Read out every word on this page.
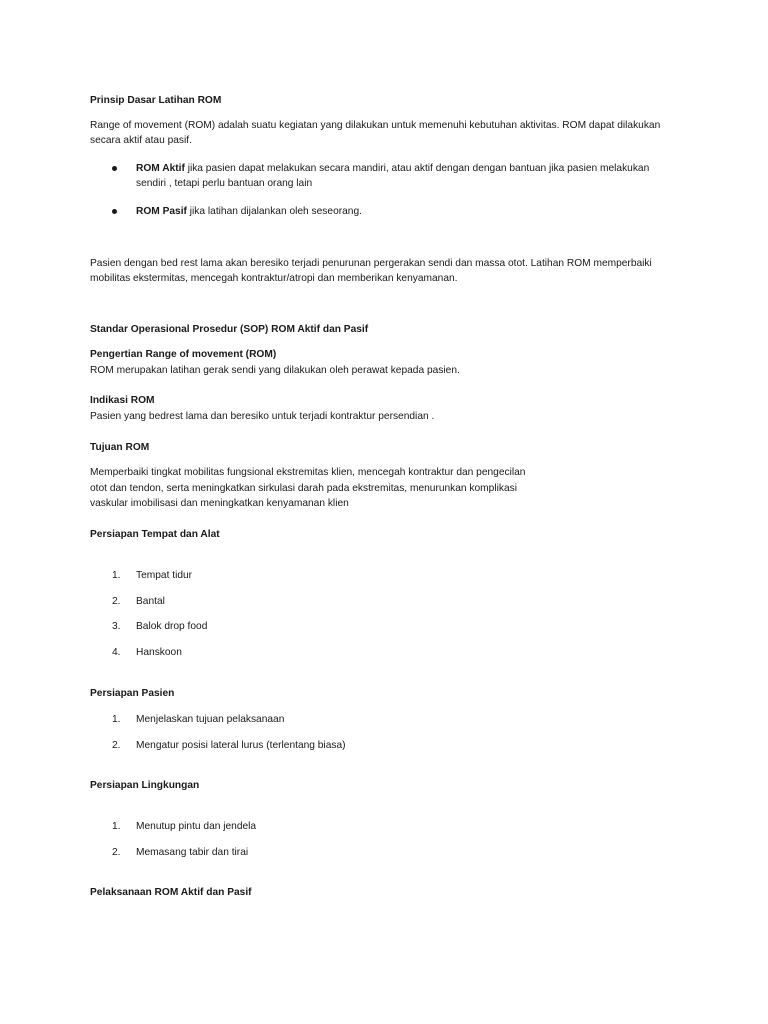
Prinsip Dasar Latihan ROM

Range of movement (ROM) adalah suatu kegiatan yang dilakukan untuk memenuhi kebutuhan aktivitas. ROM dapat dilakukan secara aktif atau pasif.

ROM Aktif jika pasien dapat melakukan secara mandiri, atau aktif dengan dengan bantuan jika pasien melakukan sendiri , tetapi perlu bantuan orang lain
ROM Pasif jika latihan dijalankan oleh seseorang.

Pasien dengan bed rest lama akan beresiko terjadi penurunan pergerakan sendi dan massa otot. Latihan ROM memperbaiki mobilitas ekstermitas, mencegah kontraktur/atropi dan memberikan kenyamanan.

Standar Operasional Prosedur (SOP) ROM Aktif dan Pasif

Pengertian Range of movement (ROM)

ROM merupakan latihan gerak sendi yang dilakukan oleh perawat kepada pasien.

Indikasi ROM

Pasien yang bedrest lama dan beresiko untuk terjadi kontraktur persendian .

Tujuan ROM

Memperbaiki tingkat mobilitas fungsional ekstremitas klien, mencegah kontraktur dan pengecilan

otot dan tendon, serta meningkatkan sirkulasi darah pada ekstremitas, menurunkan komplikasi

vaskular imobilisasi dan meningkatkan kenyamanan klien

Persiapan Tempat dan Alat

1.	Tempat tidur
2.	Bantal
3.	Balok drop food
4.	Hanskoon

Persiapan Pasien

1.	Menjelaskan tujuan pelaksanaan
2.	Mengatur posisi lateral lurus (terlentang biasa)

Persiapan Lingkungan

1.	Menutup pintu dan jendela
2.	Memasang tabir dan tirai

Pelaksanaan ROM Aktif dan Pasif
